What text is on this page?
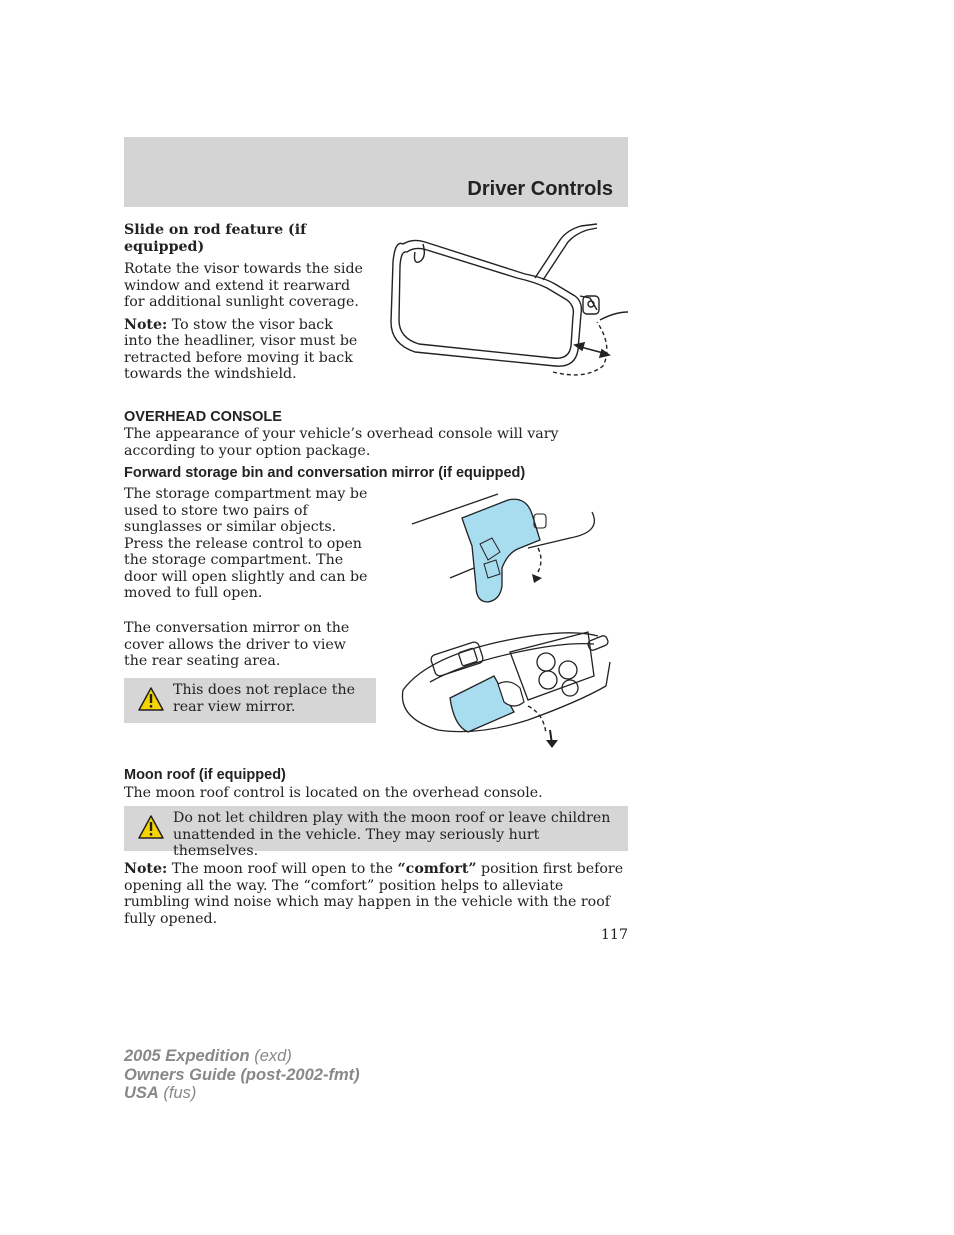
Driver Controls

Slide on rod feature (if equipped)

Rotate the visor towards the side window and extend it rearward for additional sunlight coverage.

Note: To stow the visor back into the headliner, visor must be retracted before moving it back towards the windshield.

OVERHEAD CONSOLE

The appearance of your vehicle’s overhead console will vary according to your option package.

Forward storage bin and conversation mirror (if equipped)

The storage compartment may be used to store two pairs of sunglasses or similar objects. Press the release control to open the storage compartment. The door will open slightly and can be moved to full open.
The conversation mirror on the cover allows the driver to view the rear seating area.
This does not replace the rear view mirror.

Moon roof (if equipped)

The moon roof control is located on the overhead console.

Do not let children play with the moon roof or leave children unattended in the vehicle. They may seriously hurt themselves.

Note: The moon roof will open to the “comfort” position first before opening all the way. The “comfort” position helps to alleviate rumbling wind noise which may happen in the vehicle with the roof fully opened.

117
2005 Expedition (exd)
Owners Guide (post-2002-fmt)
USA (fus)
